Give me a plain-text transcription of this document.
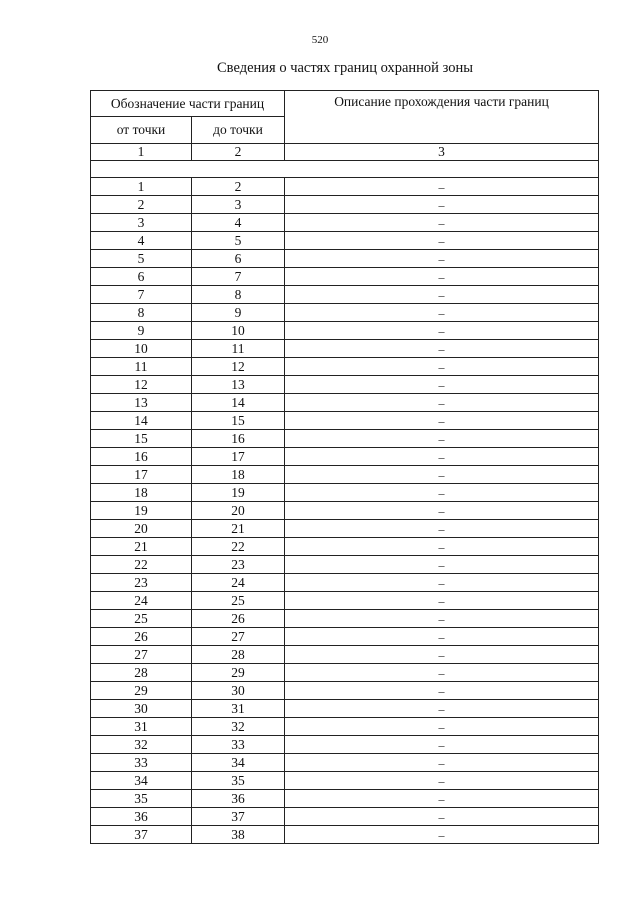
520
Сведения о частях границ охранной зоны
Обозначение части границ		Описание прохождения части границ
от точки	до точки	
1	2	3

1	2	–
2	3	–
3	4	–
4	5	–
5	6	–
6	7	–
7	8	–
8	9	–
9	10	–
10	11	–
11	12	–
12	13	–
13	14	–
14	15	–
15	16	–
16	17	–
17	18	–
18	19	–
19	20	–
20	21	–
21	22	–
22	23	–
23	24	–
24	25	–
25	26	–
26	27	–
27	28	–
28	29	–
29	30	–
30	31	–
31	32	–
32	33	–
33	34	–
34	35	–
35	36	–
36	37	–
37	38	–
